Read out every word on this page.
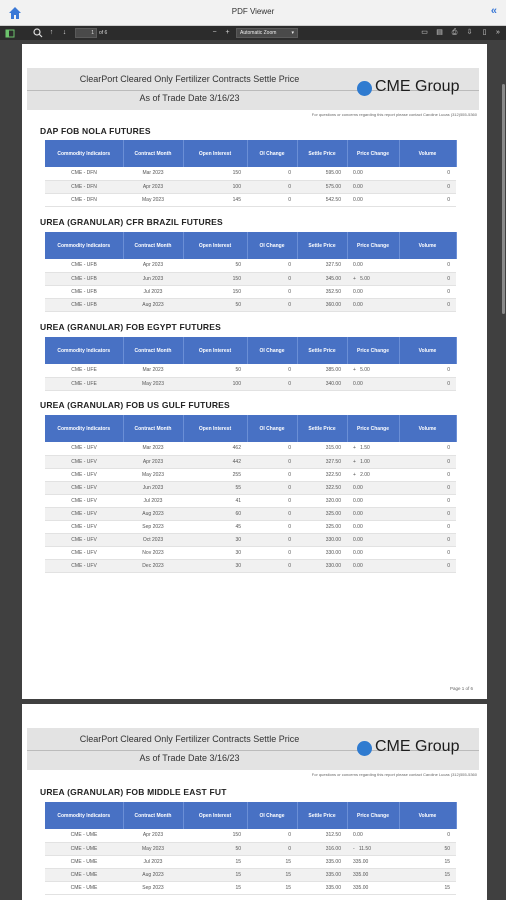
PDF Viewer	«
↑	↓	1	of 6	−	+	Automatic Zoom	▾	▭ ▤ ⎙ ⇩	▯	»
ClearPort Cleared Only Fertilizer Contracts Settle Price
As of Trade Date 3/16/23
CME Group
For questions or concerns regarding this report please contact Caroline Lucas (312)555-5360
DAP FOB NOLA FUTURES
Commodity Indicators	Contract Month	Open Interest	OI Change	Settle Price	Price Change	Volume
CME - DFN	Mar 2023	150	0	595.00	0.00	0
CME - DFN	Apr 2023	100	0	575.00	0.00	0
CME - DFN	May 2023	145	0	542.50	0.00	0
UREA (GRANULAR) CFR BRAZIL FUTURES
Commodity Indicators	Contract Month	Open Interest	OI Change	Settle Price	Price Change	Volume
CME - UFB	Apr 2023	50	0	327.50	0.00	0
CME - UFB	Jun 2023	150	0	345.00	+   5.00	0
CME - UFB	Jul 2023	150	0	352.50	0.00	0
CME - UFB	Aug 2023	50	0	360.00	0.00	0
UREA (GRANULAR) FOB EGYPT FUTURES
Commodity Indicators	Contract Month	Open Interest	OI Change	Settle Price	Price Change	Volume
CME - UFE	Mar 2023	50	0	385.00	+   5.00	0
CME - UFE	May 2023	100	0	340.00	0.00	0
UREA (GRANULAR) FOB US GULF FUTURES
Commodity Indicators	Contract Month	Open Interest	OI Change	Settle Price	Price Change	Volume
CME - UFV	Mar 2023	462	0	315.00	+   1.50	0
CME - UFV	Apr 2023	442	0	327.50	+   1.00	0
CME - UFV	May 2023	255	0	322.50	+   2.00	0
CME - UFV	Jun 2023	55	0	322.50	0.00	0
CME - UFV	Jul 2023	41	0	320.00	0.00	0
CME - UFV	Aug 2023	60	0	325.00	0.00	0
CME - UFV	Sep 2023	45	0	325.00	0.00	0
CME - UFV	Oct 2023	30	0	330.00	0.00	0
CME - UFV	Nov 2023	30	0	330.00	0.00	0
CME - UFV	Dec 2023	30	0	330.00	0.00	0
Page 1 of 6
ClearPort Cleared Only Fertilizer Contracts Settle Price
As of Trade Date 3/16/23
CME Group
For questions or concerns regarding this report please contact Caroline Lucas (312)555-5360
UREA (GRANULAR) FOB MIDDLE EAST FUT
Commodity Indicators	Contract Month	Open Interest	OI Change	Settle Price	Price Change	Volume
CME - UME	Apr 2023	150	0	312.50	0.00	0
CME - UME	May 2023	50	0	316.00	-   11.50	50
CME - UME	Jul 2023	15	15	335.00	335.00	15
CME - UME	Aug 2023	15	15	335.00	335.00	15
CME - UME	Sep 2023	15	15	335.00	335.00	15
